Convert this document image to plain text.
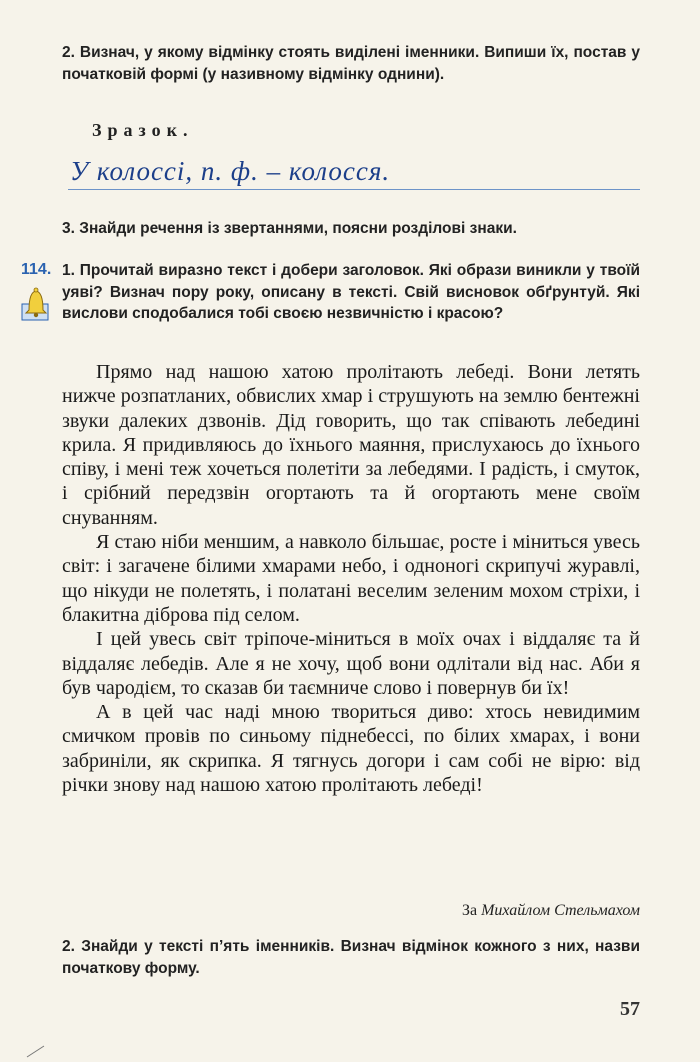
2. Визнач, у якому відмінку стоять виділені іменники. Випиши їх, постав у початковій формі (у називному відмінку однини).
Зразок.
У колоссі, п. ф. – колосся.
3. Знайди речення із звертаннями, поясни розділові знаки.
114. 1. Прочитай виразно текст і добери заголовок. Які образи виникли у твоїй уяві? Визнач пору року, описану в тексті. Свій висновок обґрунтуй. Які вислови сподобалися тобі своєю незвичністю і красою?

Прямо над нашою хатою пролітають лебеді. Вони летять нижче розпатланих, обвислих хмар і струшують на землю бентежні звуки далеких дзвонів. Дід говорить, що так співають лебедині крила. Я придивляюсь до їхнього маяння, прислухаюсь до їхнього співу, і мені теж хочеться полетіти за лебедями. І радість, і смуток, і срібний передзвін огортають та й огортають мене своїм снуванням.

Я стаю ніби меншим, а навколо більшає, росте і міниться увесь світ: і загачене білими хмарами небо, і одноногі скрипучі журавлі, що нікуди не полетять, і полатані веселим зеленим мохом стріхи, і блакитна діброва під селом.

І цей увесь світ тріпоче-міниться в моїх очах і віддаляє та й віддаляє лебедів. Але я не хочу, щоб вони одлітали від нас. Аби я був чародієм, то сказав би таємниче слово і повернув би їх!

А в цей час наді мною твориться диво: хтось невидимим смичком провів по синьому піднебессі, по білих хмарах, і вони забриніли, як скрипка. Я тягнусь догори і сам собі не вірю: від річки знову над нашою хатою пролітають лебеді!

За Михайлом Стельмахом
2. Знайди у тексті п’ять іменників. Визнач відмінок кожного з них, назви початкову форму.
57
